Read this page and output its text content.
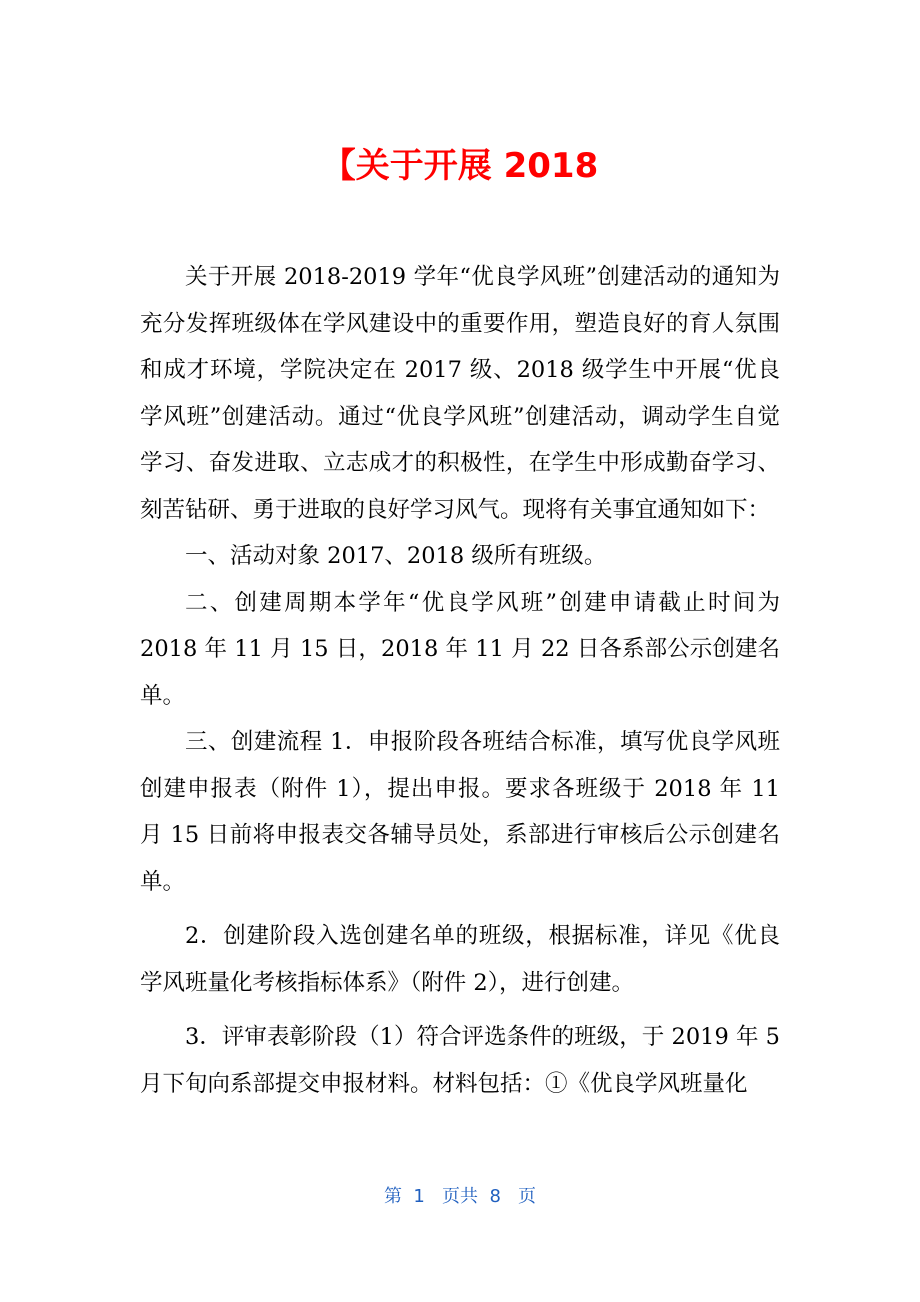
【关于开展 2018

关于开展 2018-2019 学年“优良学风班”创建活动的通知为充分发挥班级体在学风建设中的重要作用，塑造良好的育人氛围和成才环境，学院决定在 2017 级、2018 级学生中开展“优良学风班”创建活动。通过“优良学风班”创建活动，调动学生自觉学习、奋发进取、立志成才的积极性，在学生中形成勤奋学习、刻苦钻研、勇于进取的良好学习风气。现将有关事宜通知如下：

一、活动对象 2017、2018 级所有班级。

二、创建周期本学年“优良学风班”创建申请截止时间为 2018 年 11 月 15 日，2018 年 11 月 22 日各系部公示创建名单。

三、创建流程 1．申报阶段各班结合标准，填写优良学风班创建申报表（附件 1），提出申报。要求各班级于 2018 年 11 月 15 日前将申报表交各辅导员处，系部进行审核后公示创建名单。

2．创建阶段入选创建名单的班级，根据标准，详见《优良学风班量化考核指标体系》（附件 2），进行创建。

3．评审表彰阶段（1）符合评选条件的班级，于 2019 年 5 月下旬向系部提交申报材料。材料包括：①《优良学风班量化

第  1   页共  8   页
